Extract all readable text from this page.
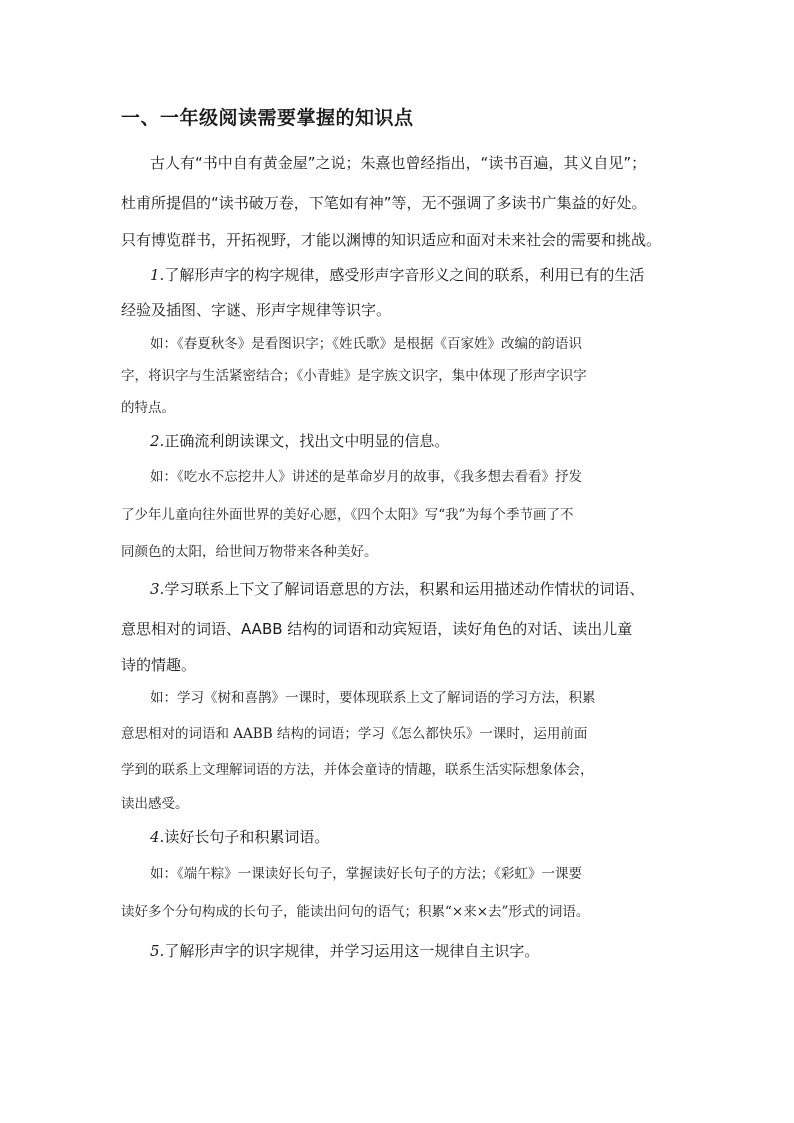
一、一年级阅读需要掌握的知识点
古人有“书中自有黄金屋”之说；朱熹也曾经指出，“读书百遍，其义自见”；
杜甫所提倡的“读书破万卷，下笔如有神”等，无不强调了多读书广集益的好处。
只有博览群书，开拓视野，才能以渊博的知识适应和面对未来社会的需要和挑战。
1.了解形声字的构字规律，感受形声字音形义之间的联系，利用已有的生活
经验及插图、字谜、形声字规律等识字。
如：《春夏秋冬》是看图识字；《姓氏歌》是根据《百家姓》改编的韵语识
字，将识字与生活紧密结合；《小青蛙》是字族文识字，集中体现了形声字识字
的特点。
2.正确流利朗读课文，找出文中明显的信息。
如：《吃水不忘挖井人》讲述的是革命岁月的故事，《我多想去看看》抒发
了少年儿童向往外面世界的美好心愿，《四个太阳》写“我”为每个季节画了不
同颜色的太阳，给世间万物带来各种美好。
3.学习联系上下文了解词语意思的方法，积累和运用描述动作情状的词语、
意思相对的词语、AABB 结构的词语和动宾短语，读好角色的对话、读出儿童
诗的情趣。
如：学习《树和喜鹊》一课时，要体现联系上文了解词语的学习方法，积累
意思相对的词语和 AABB 结构的词语；学习《怎么都快乐》一课时，运用前面
学到的联系上文理解词语的方法，并体会童诗的情趣，联系生活实际想象体会，
读出感受。
4.读好长句子和积累词语。
如：《端午粽》一课读好长句子，掌握读好长句子的方法；《彩虹》一课要
读好多个分句构成的长句子，能读出问句的语气；积累“×来×去”形式的词语。
5.了解形声字的识字规律，并学习运用这一规律自主识字。
